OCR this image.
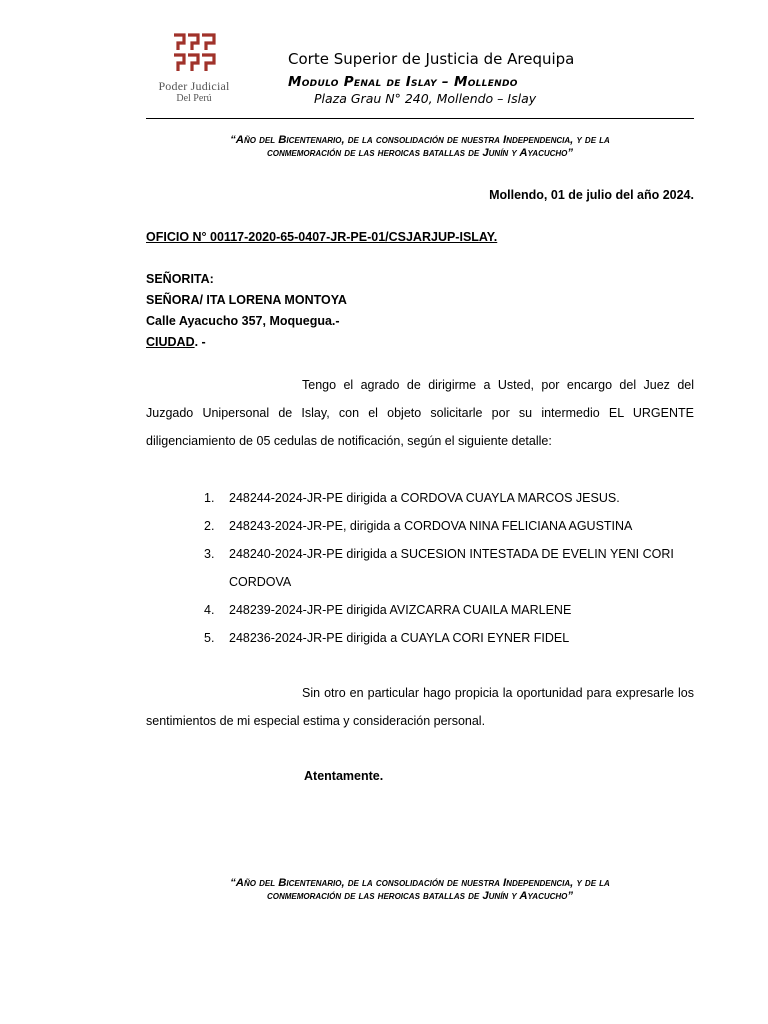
Poder Judicial
Del Perú
Corte Superior de Justicia de Arequipa
Modulo Penal de Islay – Mollendo
Plaza Grau N° 240, Mollendo – Islay
“Año del Bicentenario, de la consolidación de nuestra Independencia, y de la
conmemoración de las heroicas batallas de Junín y Ayacucho”
Mollendo, 01 de julio del año 2024.
OFICIO N° 00117-2020-65-0407-JR-PE-01/CSJARJUP-ISLAY.
SEÑORITA:
SEÑORA/ ITA LORENA MONTOYA
Calle Ayacucho 357, Moquegua.-
CIUDAD. -
Tengo el agrado de dirigirme a Usted, por encargo del Juez del Juzgado Unipersonal de Islay, con el objeto solicitarle por su intermedio EL URGENTE diligenciamiento de 05 cedulas de notificación, según el siguiente detalle:
1. 248244-2024-JR-PE dirigida a CORDOVA CUAYLA MARCOS JESUS.
2. 248243-2024-JR-PE, dirigida a CORDOVA NINA FELICIANA AGUSTINA
3. 248240-2024-JR-PE dirigida a SUCESION INTESTADA DE EVELIN YENI CORI CORDOVA
4. 248239-2024-JR-PE dirigida AVIZCARRA CUAILA MARLENE
5. 248236-2024-JR-PE dirigida a CUAYLA CORI EYNER FIDEL
Sin otro en particular hago propicia la oportunidad para expresarle los sentimientos de mi especial estima y consideración personal.
Atentamente.
“Año del Bicentenario, de la consolidación de nuestra Independencia, y de la
conmemoración de las heroicas batallas de Junín y Ayacucho”
